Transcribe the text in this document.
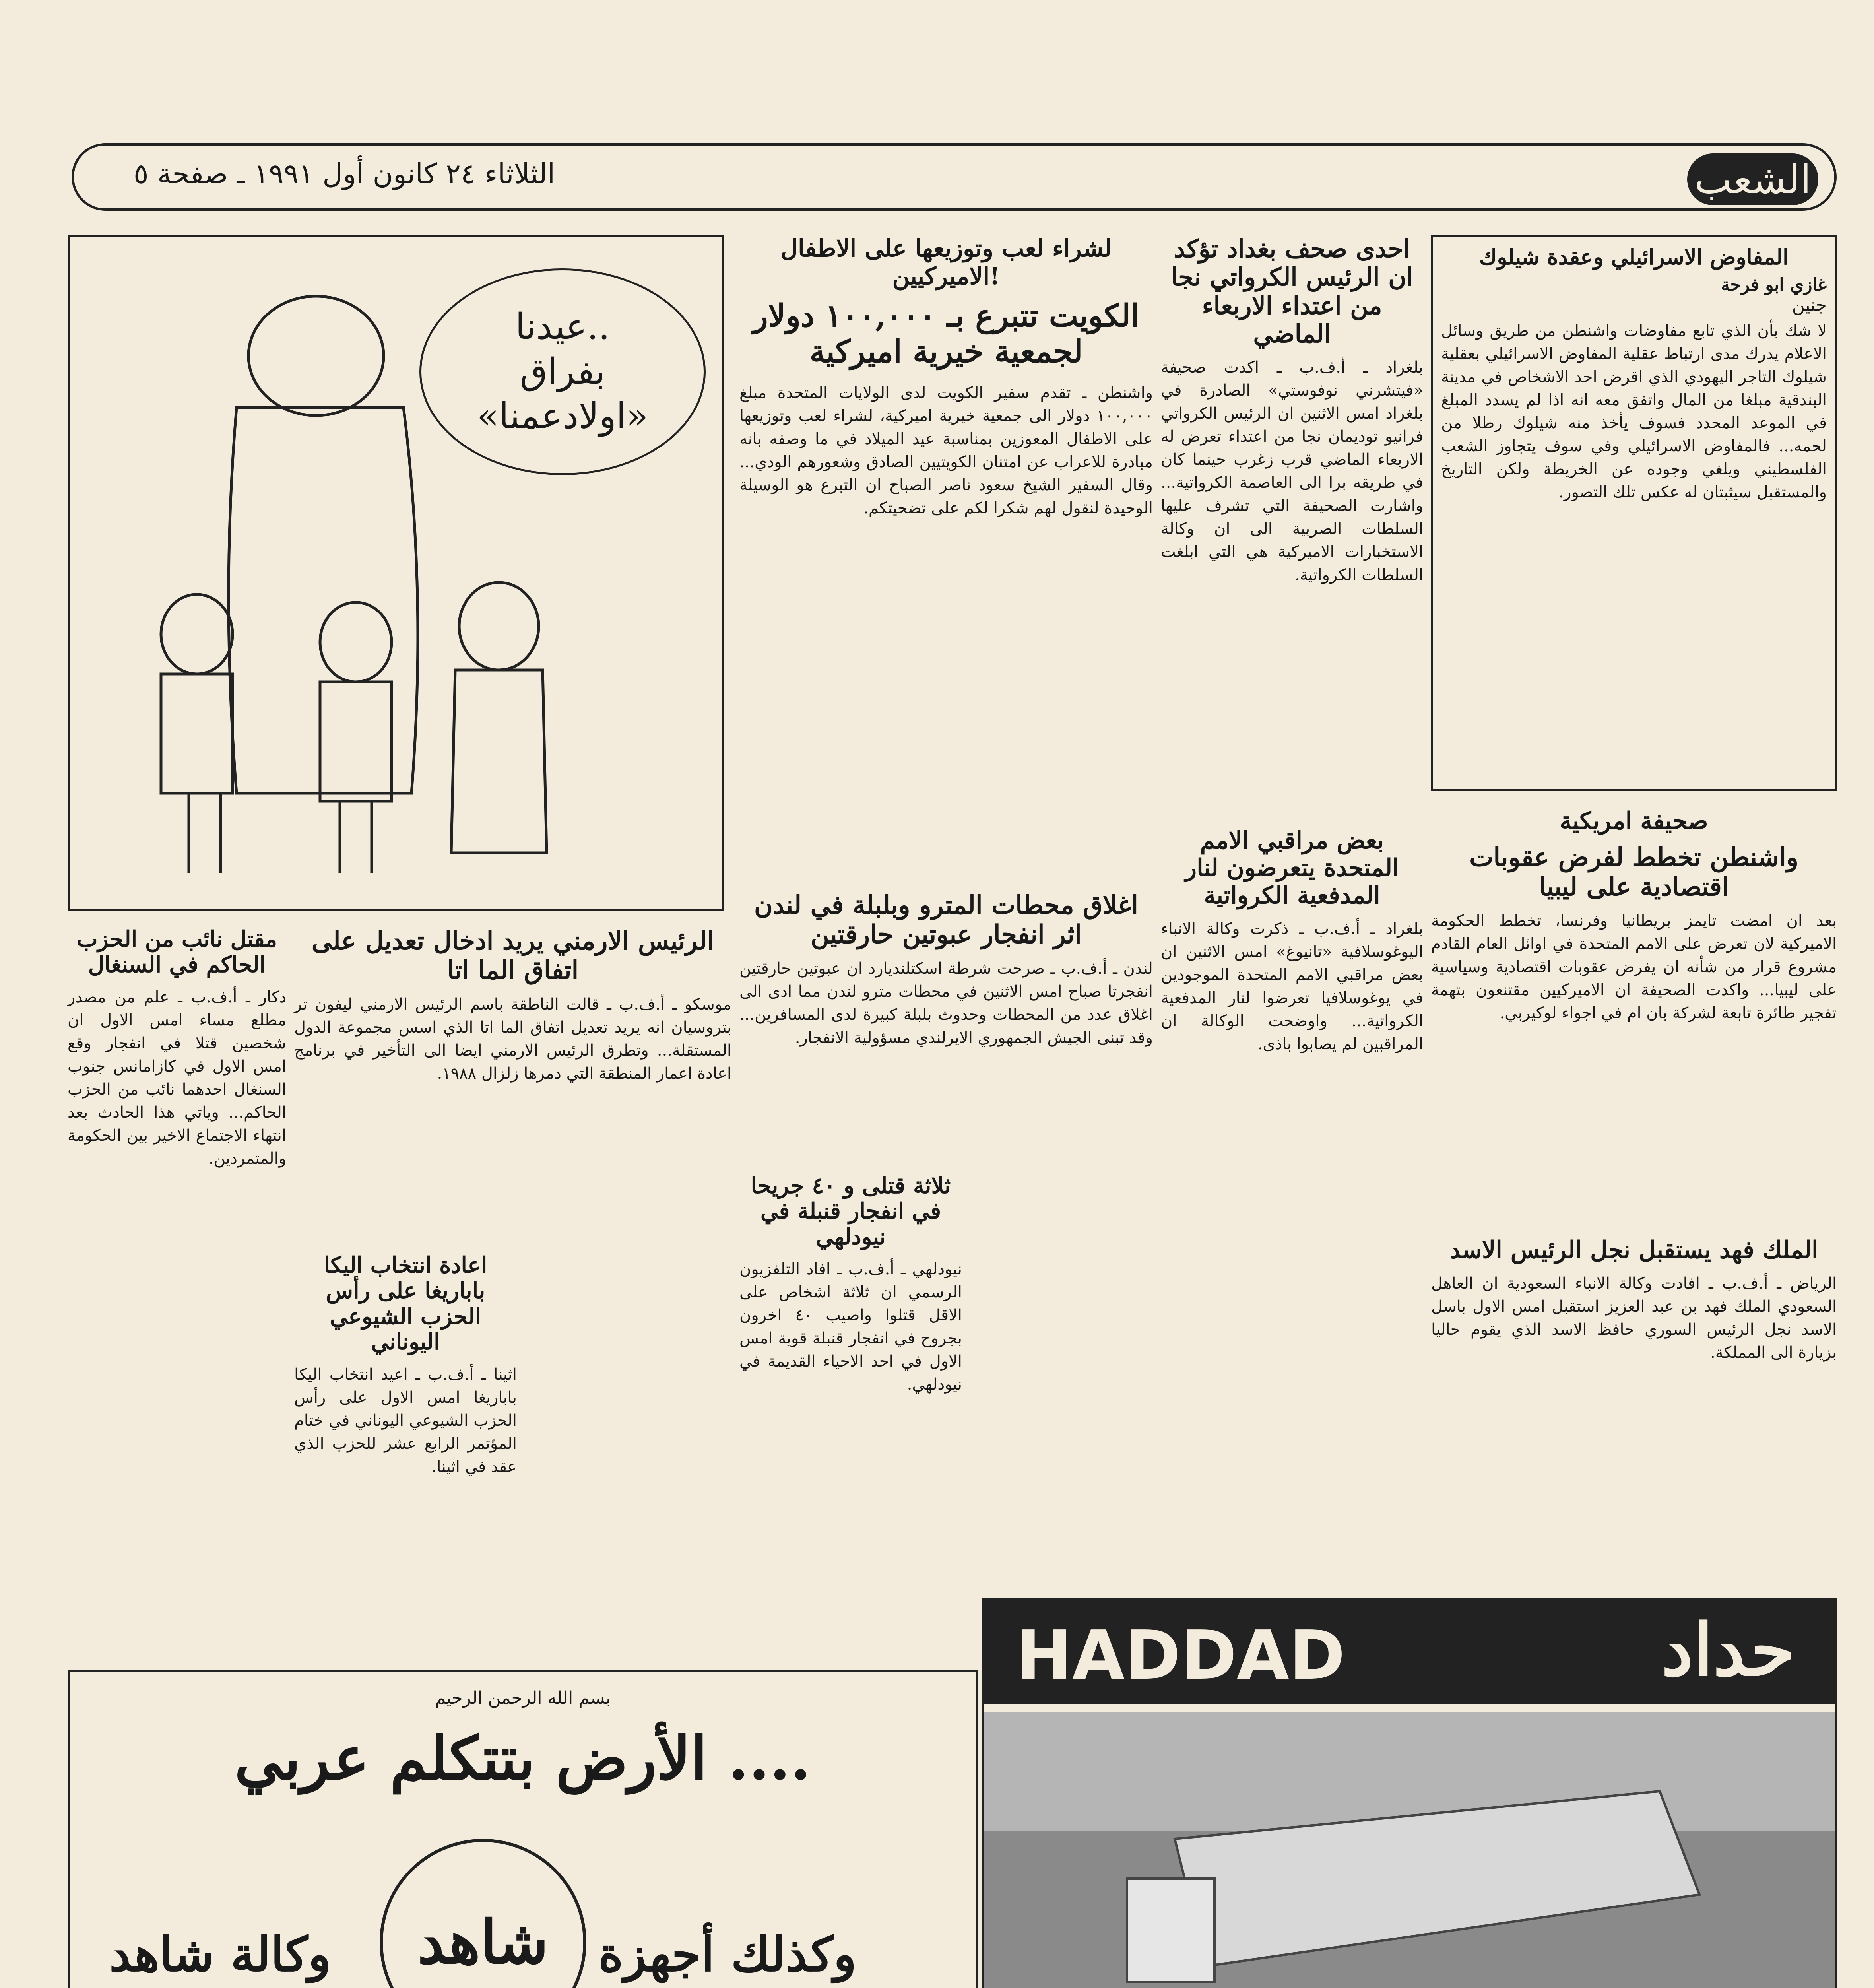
الشعب
الثلاثاء ٢٤ كانون أول ١٩٩١ ـ صفحة ٥
عيدنا..
بفراق
«اولادعمنا»
المفاوض الاسرائيلي وعقدة شيلوك
غازي ابو فرحة
جنين
لا شك بأن الذي تابع مفاوضات واشنطن من طريق وسائل الاعلام يدرك مدى ارتباط عقلية المفاوض الاسرائيلي بعقلية شيلوك التاجر اليهودي الذي اقرض احد الاشخاص في مدينة البندقية مبلغا من المال واتفق معه انه اذا لم يسدد المبلغ في الموعد المحدد فسوف يأخذ منه شيلوك رطلا من لحمه... فالمفاوض الاسرائيلي وفي سوف يتجاوز الشعب الفلسطيني ويلغي وجوده عن الخريطة ولكن التاريخ والمستقبل سيثبتان له عكس تلك التصور.
احدى صحف بغداد تؤكد ان الرئيس الكرواتي نجا من اعتداء الاربعاء الماضي
بلغراد ـ أ.ف.ب ـ اكدت صحيفة «فيتشرني نوفوستي» الصادرة في بلغراد امس الاثنين ان الرئيس الكرواتي فرانيو توديمان نجا من اعتداء تعرض له الاربعاء الماضي قرب زغرب حينما كان في طريقه برا الى العاصمة الكرواتية... واشارت الصحيفة التي تشرف عليها السلطات الصربية الى ان وكالة الاستخبارات الاميركية هي التي ابلغت السلطات الكرواتية.
لشراء لعب وتوزيعها على الاطفال الاميركيين!
الكويت تتبرع بـ ١٠٠,٠٠٠ دولار لجمعية خيرية اميركية
واشنطن ـ تقدم سفير الكويت لدى الولايات المتحدة مبلغ ١٠٠,٠٠٠ دولار الى جمعية خيرية اميركية، لشراء لعب وتوزيعها على الاطفال المعوزين بمناسبة عيد الميلاد في ما وصفه بانه مبادرة للاعراب عن امتنان الكويتيين الصادق وشعورهم الودي... وقال السفير الشيخ سعود ناصر الصباح ان التبرع هو الوسيلة الوحيدة لنقول لهم شكرا لكم على تضحيتكم.
صحيفة امريكية
واشنطن تخطط لفرض عقوبات اقتصادية على ليبيا
بعد ان امضت تايمز بريطانيا وفرنسا، تخطط الحكومة الاميركية لان تعرض على الامم المتحدة في اوائل العام القادم مشروع قرار من شأنه ان يفرض عقوبات اقتصادية وسياسية على ليبيا... واكدت الصحيفة ان الاميركيين مقتنعون بتهمة تفجير طائرة تابعة لشركة بان ام في اجواء لوكيربي.
بعض مراقبي الامم المتحدة يتعرضون لنار المدفعية الكرواتية
بلغراد ـ أ.ف.ب ـ ذكرت وكالة الانباء اليوغوسلافية «تانيوغ» امس الاثنين ان بعض مراقبي الامم المتحدة الموجودين في يوغوسلافيا تعرضوا لنار المدفعية الكرواتية... واوضحت الوكالة ان المراقبين لم يصابوا باذى.
اغلاق محطات المترو وبلبلة في لندن اثر انفجار عبوتين حارقتين
لندن ـ أ.ف.ب ـ صرحت شرطة اسكتلنديارد ان عبوتين حارقتين انفجرتا صباح امس الاثنين في محطات مترو لندن مما ادى الى اغلاق عدد من المحطات وحدوث بلبلة كبيرة لدى المسافرين... وقد تبنى الجيش الجمهوري الايرلندي مسؤولية الانفجار.
ثلاثة قتلى و ٤٠ جريحا في انفجار قنبلة في نيودلهي
نيودلهي ـ أ.ف.ب ـ افاد التلفزيون الرسمي ان ثلاثة اشخاص على الاقل قتلوا واصيب ٤٠ اخرون بجروح في انفجار قنبلة قوية امس الاول في احد الاحياء القديمة في نيودلهي.
الرئيس الارمني يريد ادخال تعديل على اتفاق الما اتا
موسكو ـ أ.ف.ب ـ قالت الناطقة باسم الرئيس الارمني ليفون تر بتروسيان انه يريد تعديل اتفاق الما اتا الذي اسس مجموعة الدول المستقلة... وتطرق الرئيس الارمني ايضا الى التأخير في برنامج اعادة اعمار المنطقة التي دمرها زلزال ١٩٨٨.
مقتل نائب من الحزب الحاكم في السنغال
دكار ـ أ.ف.ب ـ علم من مصدر مطلع مساء امس الاول ان شخصين قتلا في انفجار وقع امس الاول في كازامانس جنوب السنغال احدهما نائب من الحزب الحاكم... وياتي هذا الحادث بعد انتهاء الاجتماع الاخير بين الحكومة والمتمردين.
اعادة انتخاب اليكا باباريغا على رأس الحزب الشيوعي اليوناني
اثينا ـ أ.ف.ب ـ اعيد انتخاب اليكا باباريغا امس الاول على رأس الحزب الشيوعي اليوناني في ختام المؤتمر الرابع عشر للحزب الذي عقد في اثينا.
الملك فهد يستقبل نجل الرئيس الاسد
الرياض ـ أ.ف.ب ـ افادت وكالة الانباء السعودية ان العاهل السعودي الملك فهد بن عبد العزيز استقبل امس الاول باسل الاسد نجل الرئيس السوري حافظ الاسد الذي يقوم حاليا بزيارة الى المملكة.
بسم الله الرحمن الرحيم
الأرض بتتكلم عربي ....
شاهد وكذلك أجهزة
وكالة شاهد
HADDAD	حداد
